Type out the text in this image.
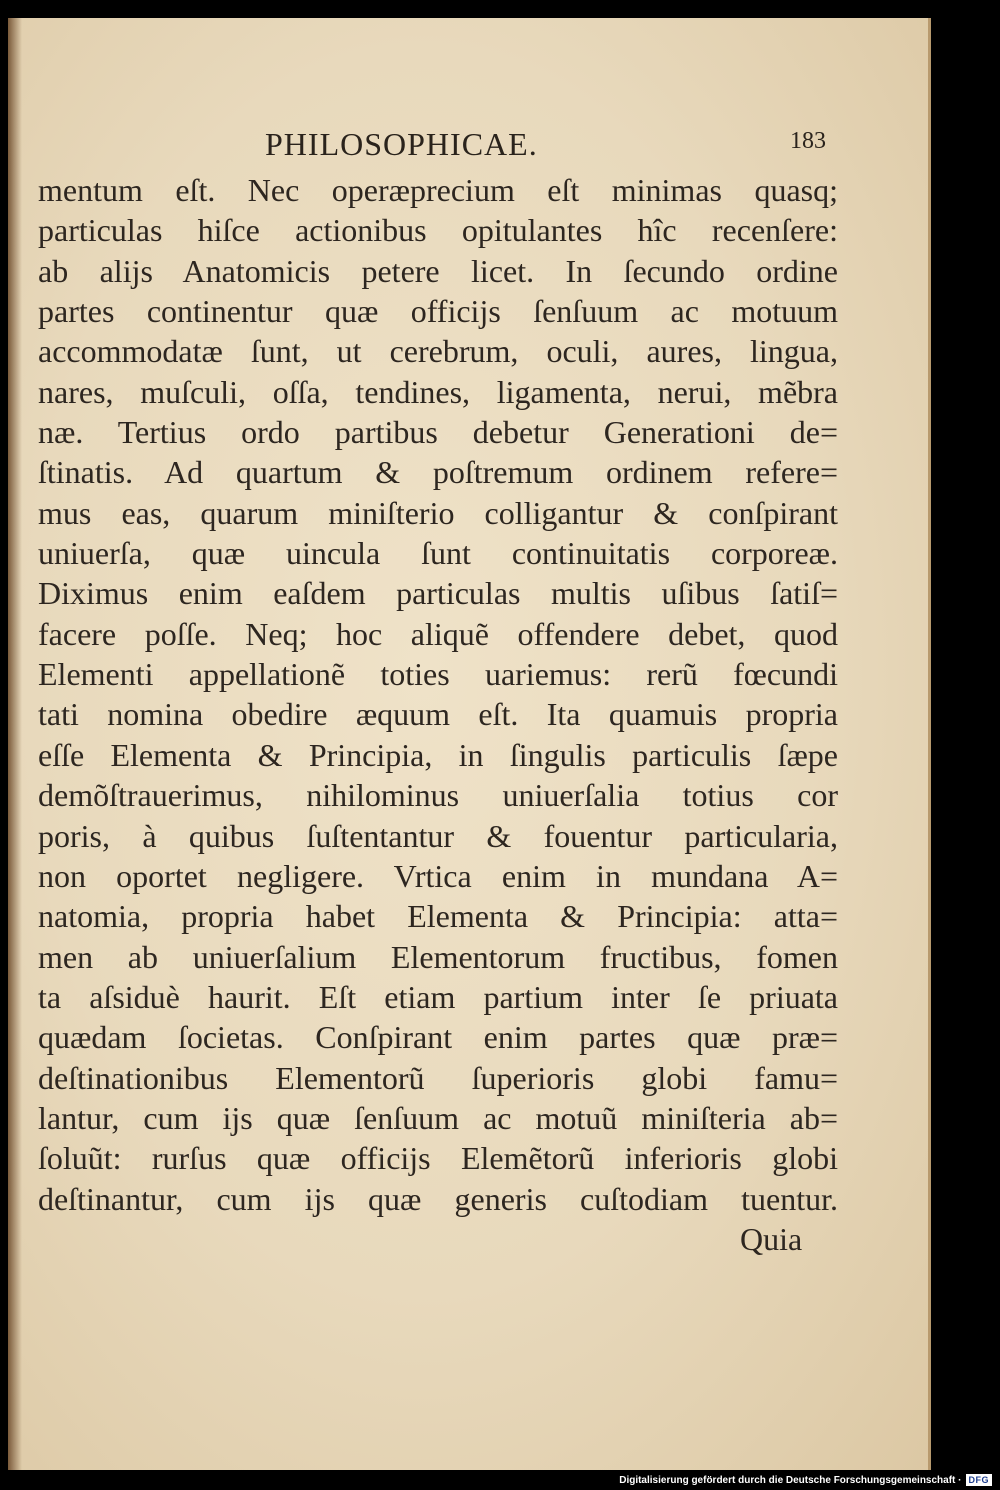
PHILOSOPHICAE.	183
mentum eſt. Nec operæprecium eſt minimas quasq;
particulas hiſce actionibus opitulantes hîc recenſere:
ab alijs Anatomicis petere licet. In ſecundo ordine
partes continentur quæ officijs ſenſuum ac motuum
accommodatæ ſunt, ut cerebrum, oculi, aures, lingua,
nares, muſculi, oſſa, tendines, ligamenta, nerui, mẽbra
næ. Tertius ordo partibus debetur Generationi de=
ſtinatis. Ad quartum & poſtremum ordinem refere=
mus eas, quarum miniſterio colligantur & conſpirant
uniuerſa, quæ uincula ſunt continuitatis corporeæ.
Diximus enim eaſdem particulas multis uſibus ſatiſ=
facere poſſe. Neq; hoc aliquẽ offendere debet, quod
Elementi appellationẽ toties uariemus: rerũ fœcundi
tati nomina obedire æquum eſt. Ita quamuis propria
eſſe Elementa & Principia, in ſingulis particulis ſæpe
demõſtrauerimus, nihilominus uniuerſalia totius cor
poris, à quibus ſuſtentantur & fouentur particularia,
non oportet negligere. Vrtica enim in mundana A=
natomia, propria habet Elementa & Principia: atta=
men ab uniuerſalium Elementorum fructibus, fomen
ta aſsiduè haurit. Eſt etiam partium inter ſe priuata
quædam ſocietas. Conſpirant enim partes quæ præ=
deſtinationibus Elementorũ ſuperioris globi famu=
lantur, cum ijs quæ ſenſuum ac motuũ miniſteria ab=
ſoluũt: rurſus quæ officijs Elemẽtorũ inferioris globi
deſtinantur, cum ijs quæ generis cuſtodiam tuentur.
Quia
Digitalisierung gefördert durch die Deutsche Forschungsgemeinschaft · DFG
